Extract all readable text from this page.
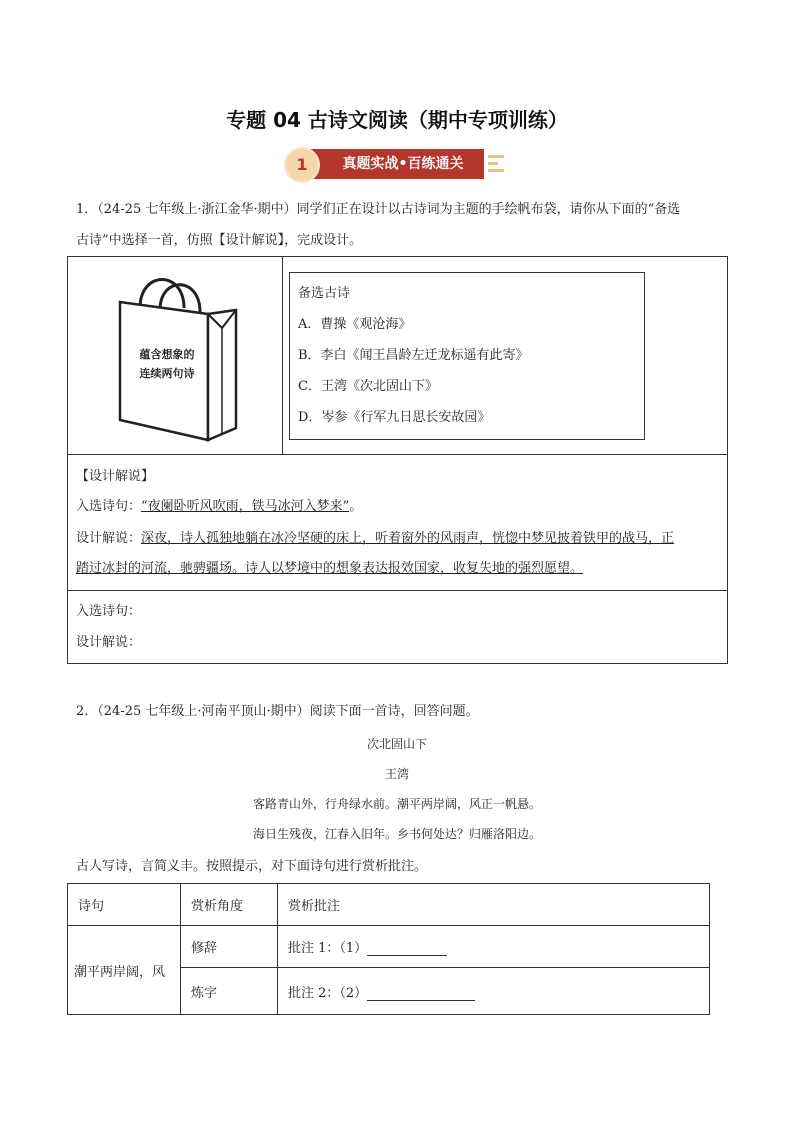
专题 04 古诗文阅读（期中专项训练）
1	真题实战•百练通关
1．（24-25 七年级上·浙江金华·期中）同学们正在设计以古诗词为主题的手绘帆布袋，请你从下面的“备选
古诗”中选择一首，仿照【设计解说】，完成设计。
蕴含想象的
连续两句诗
备选古诗
A．曹操《观沧海》
B．李白《闻王昌龄左迁龙标遥有此寄》
C．王湾《次北固山下》
D．岑参《行军九日思长安故园》
【设计解说】
入选诗句：“夜阑卧听风吹雨，铁马冰河入梦来”。
设计解说：深夜，诗人孤独地躺在冰冷坚硬的床上，听着窗外的风雨声，恍惚中梦见披着铁甲的战马，正
踏过冰封的河流，驰骋疆场。诗人以梦境中的想象表达报效国家，收复失地的强烈愿望。
入选诗句：
设计解说：
2．（24-25 七年级上·河南平顶山·期中）阅读下面一首诗，回答问题。
次北固山下
王湾
客路青山外，行舟绿水前。潮平两岸阔，风正一帆悬。
海日生残夜，江春入旧年。乡书何处达？归雁洛阳边。
古人写诗，言简义丰。按照提示，对下面诗句进行赏析批注。
诗句	赏析角度	赏析批注
潮平两岸阔，风	修辞	批注 1：（1）
	炼字	批注 2：（2）
